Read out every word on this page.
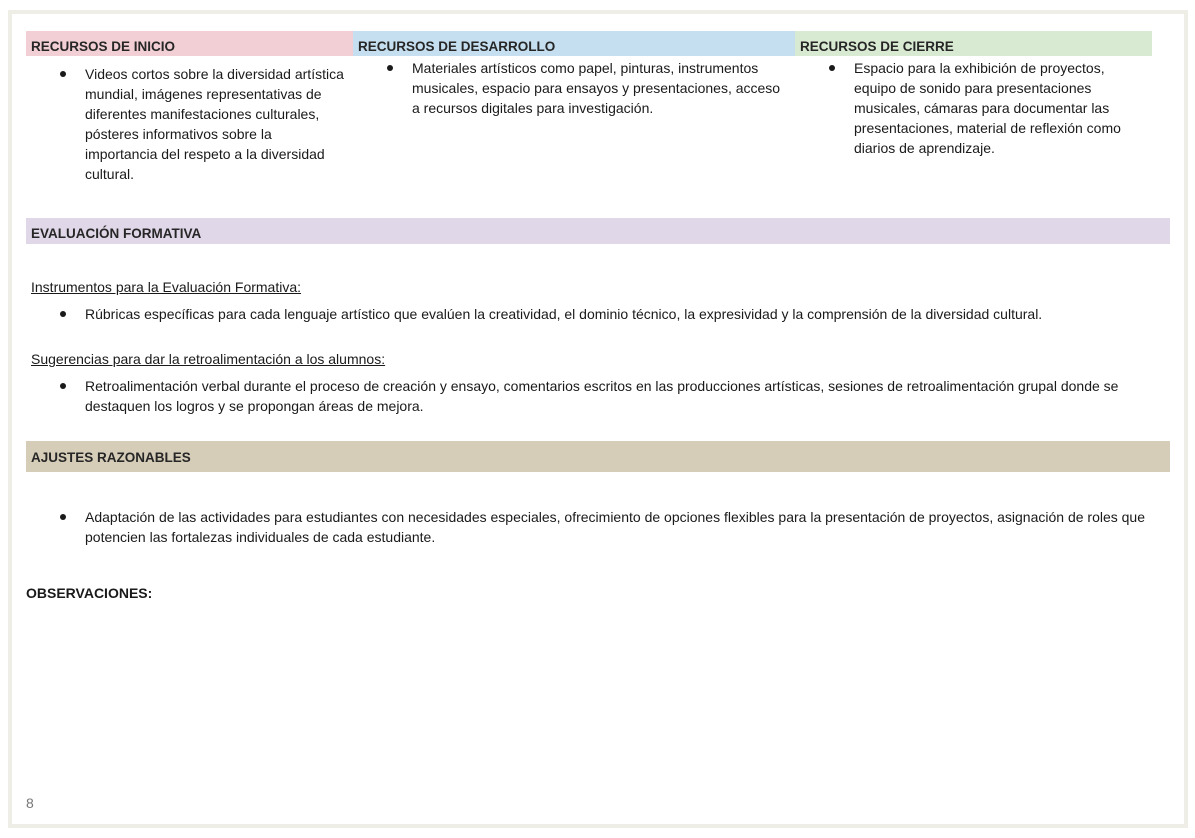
RECURSOS DE INICIO	RECURSOS DE DESARROLLO	RECURSOS DE CIERRE
Videos cortos sobre la diversidad artística mundial, imágenes representativas de diferentes manifestaciones culturales, pósteres informativos sobre la importancia del respeto a la diversidad cultural.
Materiales artísticos como papel, pinturas, instrumentos musicales, espacio para ensayos y presentaciones, acceso a recursos digitales para investigación.
Espacio para la exhibición de proyectos, equipo de sonido para presentaciones musicales, cámaras para documentar las presentaciones, material de reflexión como diarios de aprendizaje.
EVALUACIÓN FORMATIVA
Instrumentos para la Evaluación Formativa:
Rúbricas específicas para cada lenguaje artístico que evalúen la creatividad, el dominio técnico, la expresividad y la comprensión de la diversidad cultural.
Sugerencias para dar la retroalimentación a los alumnos:
Retroalimentación verbal durante el proceso de creación y ensayo, comentarios escritos en las producciones artísticas, sesiones de retroalimentación grupal donde se destaquen los logros y se propongan áreas de mejora.
AJUSTES RAZONABLES
Adaptación de las actividades para estudiantes con necesidades especiales, ofrecimiento de opciones flexibles para la presentación de proyectos, asignación de roles que potencien las fortalezas individuales de cada estudiante.
OBSERVACIONES:
8
